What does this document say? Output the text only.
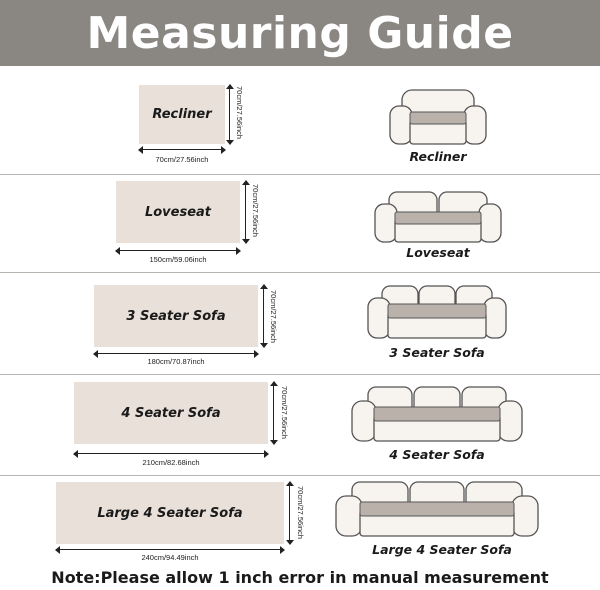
Measuring Guide
Recliner	70cm/27.56inch
70cm/27.56inch	Recliner
Loveseat	70cm/27.56inch
150cm/59.06inch	Loveseat
3 Seater Sofa	70cm/27.56inch
180cm/70.87inch
3 Seater Sofa
4 Seater Sofa	70cm/27.56inch
210cm/82.68inch
4 Seater Sofa
Large 4 Seater Sofa	70cm/27.56inch
240cm/94.49inch
Large 4 Seater Sofa
Note:Please allow 1 inch error in manual measurement
